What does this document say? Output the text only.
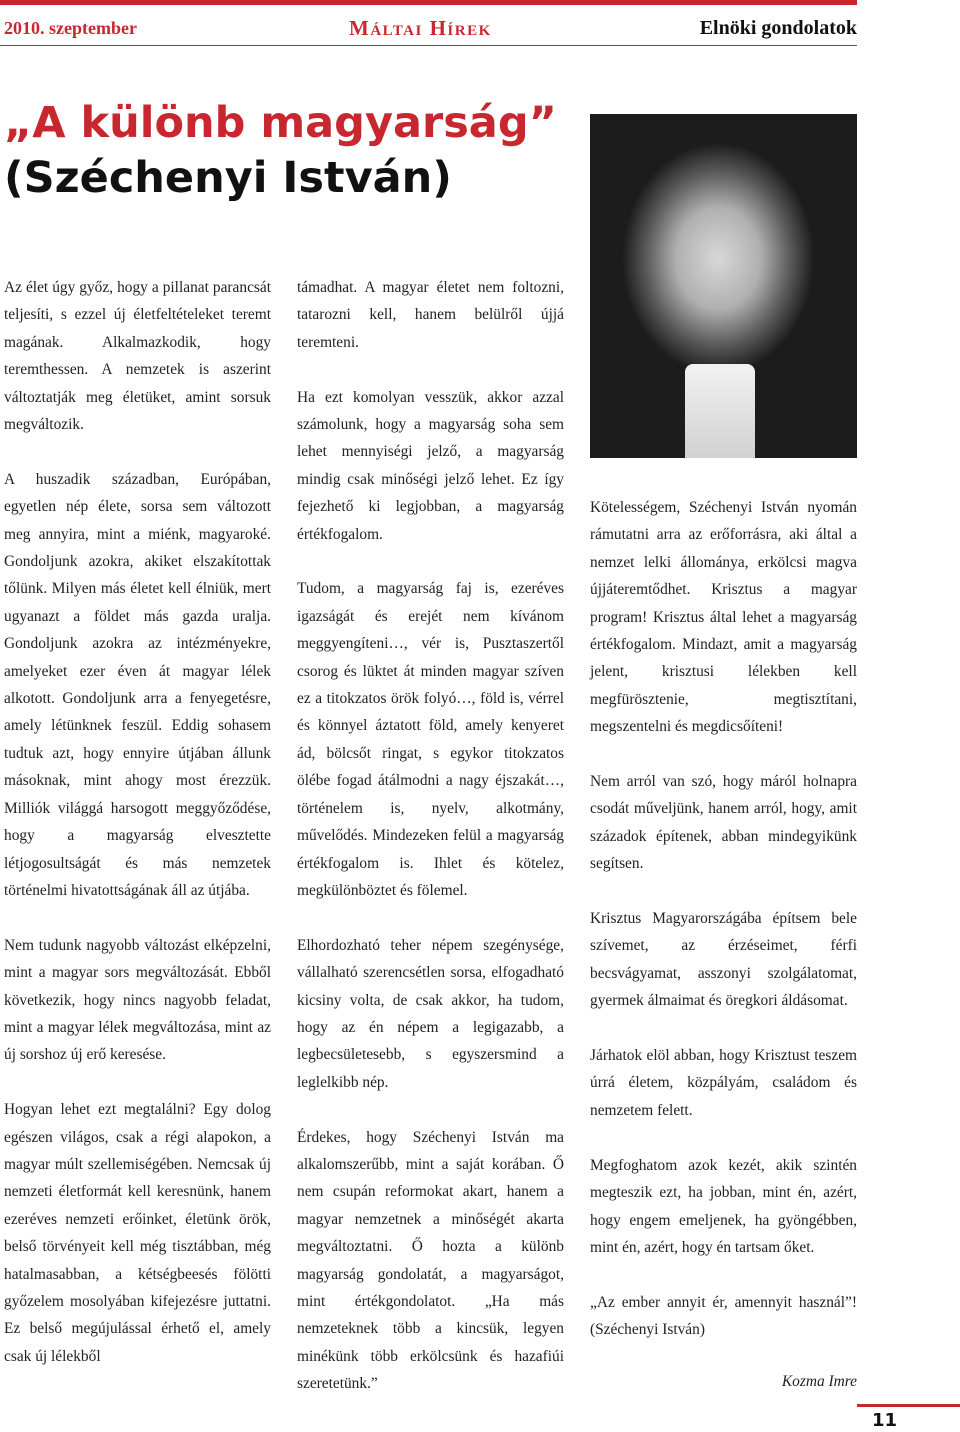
2010. szeptember	Máltai Hírek	Elnöki gondolatok
„A különb magyarság”
(Széchenyi István)

Az élet úgy győz, hogy a pillanat parancsát teljesíti, s ezzel új életfeltételeket teremt magának. Alkalmazkodik, hogy teremthessen. A nemzetek is aszerint változtatják meg életüket, amint sorsuk megváltozik.

A huszadik században, Európában, egyetlen nép élete, sorsa sem változott meg annyira, mint a miénk, magyaroké. Gondoljunk azokra, akiket elszakítottak tőlünk. Milyen más életet kell élniük, mert ugyanazt a földet más gazda uralja. Gondoljunk azokra az intézményekre, amelyeket ezer éven át magyar lélek alkotott. Gondoljunk arra a fenyegetésre, amely létünknek feszül. Eddig sohasem tudtuk azt, hogy ennyire útjában állunk másoknak, mint ahogy most érezzük. Milliók világgá harsogott meggyőződése, hogy a magyarság elvesztette létjogosultságát és más nemzetek történelmi hivatottságának áll az útjába.

Nem tudunk nagyobb változást elképzelni, mint a magyar sors megváltozását. Ebből következik, hogy nincs nagyobb feladat, mint a magyar lélek megváltozása, mint az új sorshoz új erő keresése.

Hogyan lehet ezt megtalálni? Egy dolog egészen világos, csak a régi alapokon, a magyar múlt szellemiségében. Nemcsak új nemzeti életformát kell keresnünk, hanem ezeréves nemzeti erőinket, életünk örök, belső törvényeit kell még tisztábban, még hatalmasabban, a kétségbeesés fölötti győzelem mosolyában kifejezésre juttatni. Ez belső megújulással érhető el, amely csak új lélekből

támadhat. A magyar életet nem foltozni, tatarozni kell, hanem belülről újjá teremteni.

Ha ezt komolyan vesszük, akkor azzal számolunk, hogy a magyarság soha sem lehet mennyiségi jelző, a magyarság mindig csak minőségi jelző lehet. Ez így fejezhető ki legjobban, a magyarság értékfogalom.

Tudom, a magyarság faj is, ezeréves igazságát és erejét nem kívánom meggyengíteni…, vér is, Pusztaszertől csorog és lüktet át minden magyar szíven ez a titokzatos örök folyó…, föld is, vérrel és könnyel áztatott föld, amely kenyeret ád, bölcsőt ringat, s egykor titokzatos ölébe fogad átálmodni a nagy éjszakát…, történelem is, nyelv, alkotmány, művelődés. Mindezeken felül a magyarság értékfogalom is. Ihlet és kötelez, megkülönböztet és fölemel.

Elhordozható teher népem szegénysége, vállalható szerencsétlen sorsa, elfogadható kicsiny volta, de csak akkor, ha tudom, hogy az én népem a legigazabb, a legbecsületesebb, s egyszersmind a leglelkibb nép.

Érdekes, hogy Széchenyi István ma alkalomszerűbb, mint a saját korában. Ő nem csupán reformokat akart, hanem a magyar nemzetnek a minőségét akarta megváltoztatni. Ő hozta a különb magyarság gondolatát, a magyarságot, mint értékgondolatot. „Ha más nemzeteknek több a kincsük, legyen minékünk több erkölcsünk és hazafiúi szeretetünk.”

Kötelességem, Széchenyi István nyomán rámutatni arra az erőforrásra, aki által a nemzet lelki állománya, erkölcsi magva újjáteremtődhet. Krisztus a magyar program! Krisztus által lehet a magyarság értékfogalom. Mindazt, amit a magyarság jelent, krisztusi lélekben kell megfürösztenie, megtisztítani, megszentelni és megdicsőíteni!

Nem arról van szó, hogy máról holnapra csodát művеljünk, hanem arról, hogy, amit századok építenek, abban mindegyikünk segítsen.

Krisztus Magyarországába építsem bele szívemet, az érzéseimet, férfi becsvágyamat, asszonyi szolgálatomat, gyermek álmaimat és öregkori áldásomat.

Járhatok elöl abban, hogy Krisztust teszem úrrá életem, közpályám, családom és nemzetem felett.

Megfoghatom azok kezét, akik szintén megteszik ezt, ha jobban, mint én, azért, hogy engem emeljenek, ha gyöngébben, mint én, azért, hogy én tartsam őket.

„Az ember annyit ér, amennyit használ”! (Széchenyi István)

Kozma Imre
11
